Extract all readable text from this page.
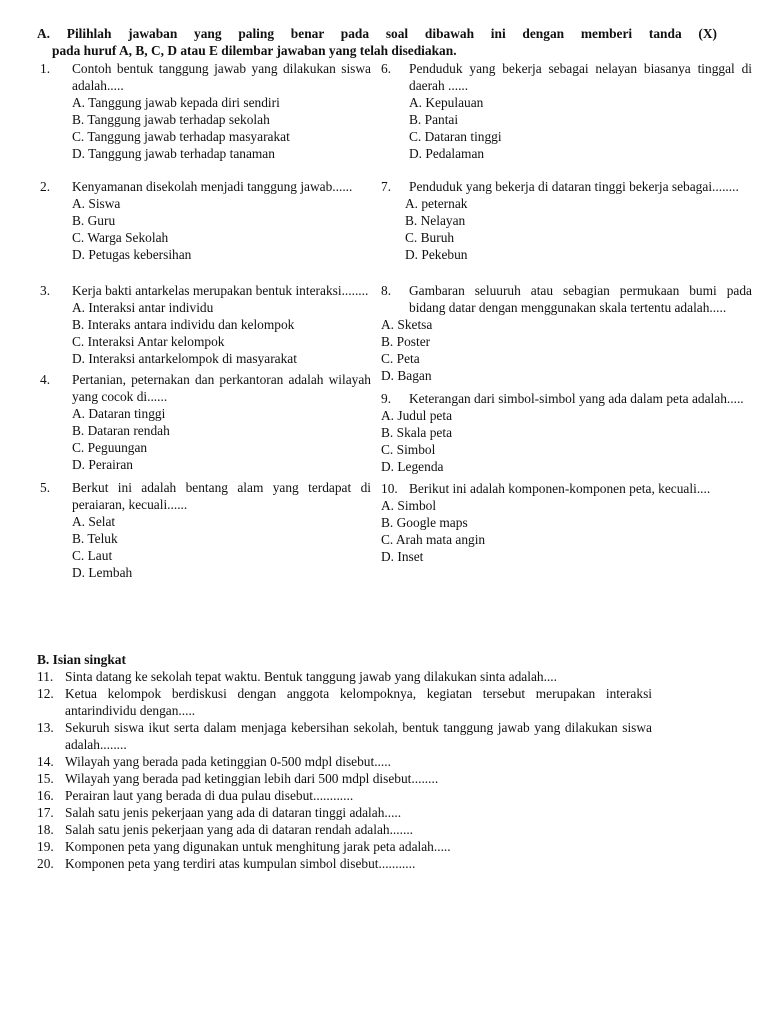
A. Pilihlah jawaban yang paling benar pada soal dibawah ini dengan memberi tanda (X)
pada huruf A, B, C, D atau E dilembar jawaban yang telah disediakan.
1.	Contoh bentuk tanggung jawab yang dilakukan siswa adalah.....
A. Tanggung jawab kepada diri sendiri
B. Tanggung jawab terhadap sekolah
C. Tanggung jawab terhadap masyarakat
D. Tanggung jawab terhadap tanaman
2.	Kenyamanan disekolah menjadi tanggung jawab......
A. Siswa
B. Guru
C. Warga Sekolah
D. Petugas kebersihan
3.	Kerja bakti antarkelas merupakan bentuk interaksi........
A. Interaksi antar individu
B. Interaks antara individu dan kelompok
C. Interaksi Antar kelompok
D. Interaksi antarkelompok di masyarakat
4.	Pertanian, peternakan dan perkantoran adalah wilayah yang cocok di......
A. Dataran tinggi
B. Dataran rendah
C. Peguungan
D. Perairan
5.	Berkut ini adalah bentang alam yang terdapat di peraiaran, kecuali......
A. Selat
B. Teluk
C. Laut
D. Lembah
6.	Penduduk yang bekerja sebagai nelayan biasanya tinggal di daerah ......
A. Kepulauan
B. Pantai
C. Dataran tinggi
D. Pedalaman
7.	Penduduk yang bekerja di dataran tinggi bekerja sebagai........
A. peternak
B. Nelayan
C. Buruh
D. Pekebun
8.	Gambaran seluuruh atau sebagian permukaan bumi pada bidang datar dengan menggunakan skala tertentu adalah.....
A. Sketsa
B. Poster
C. Peta
D. Bagan
9.	Keterangan dari simbol-simbol yang ada dalam peta adalah.....
A. Judul peta
B. Skala peta
C. Simbol
D. Legenda
10. Berikut ini adalah komponen-komponen peta, kecuali....
A. Simbol
B. Google maps
C. Arah mata angin
D. Inset
B. Isian singkat
11. Sinta datang ke sekolah tepat waktu. Bentuk tanggung jawab yang dilakukan sinta adalah....
12. Ketua kelompok berdiskusi dengan anggota kelompoknya, kegiatan tersebut merupakan interaksi antarindividu dengan.....
13. Sekuruh siswa ikut serta dalam menjaga kebersihan sekolah, bentuk tanggung jawab yang dilakukan siswa adalah........
14. Wilayah yang berada pada ketinggian 0-500 mdpl disebut.....
15. Wilayah yang berada pad ketinggian lebih dari 500 mdpl disebut........
16. Perairan laut yang berada di dua pulau disebut............
17. Salah satu jenis pekerjaan yang ada di dataran tinggi adalah.....
18. Salah satu jenis pekerjaan yang ada di dataran rendah adalah.......
19. Komponen peta yang digunakan untuk menghitung jarak peta adalah.....
20. Komponen peta yang terdiri atas kumpulan simbol disebut...........
